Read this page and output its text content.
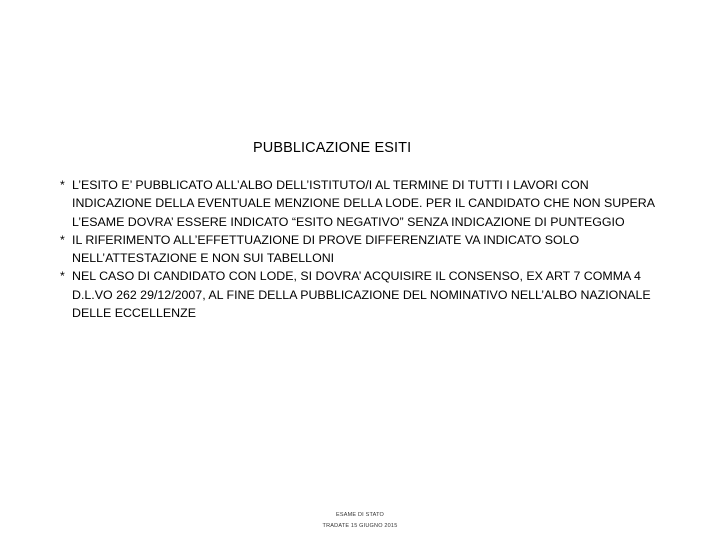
PUBBLICAZIONE ESITI
* L’ESITO E’ PUBBLICATO ALL’ALBO DELL’ISTITUTO/I AL TERMINE DI TUTTI I LAVORI CON INDICAZIONE DELLA EVENTUALE MENZIONE DELLA LODE. PER IL CANDIDATO CHE NON SUPERA L’ESAME DOVRA’ ESSERE INDICATO “ESITO NEGATIVO” SENZA INDICAZIONE DI PUNTEGGIO
* IL RIFERIMENTO ALL’EFFETTUAZIONE DI PROVE DIFFERENZIATE VA INDICATO SOLO NELL’ATTESTAZIONE E NON SUI TABELLONI
* NEL CASO DI CANDIDATO CON LODE, SI DOVRA’ ACQUISIRE IL CONSENSO, EX ART 7 COMMA 4 D.L.VO 262 29/12/2007, AL FINE DELLA PUBBLICAZIONE DEL NOMINATIVO NELL’ALBO NAZIONALE DELLE ECCELLENZE
ESAME DI STATO
TRADATE 15 GIUGNO 2015
